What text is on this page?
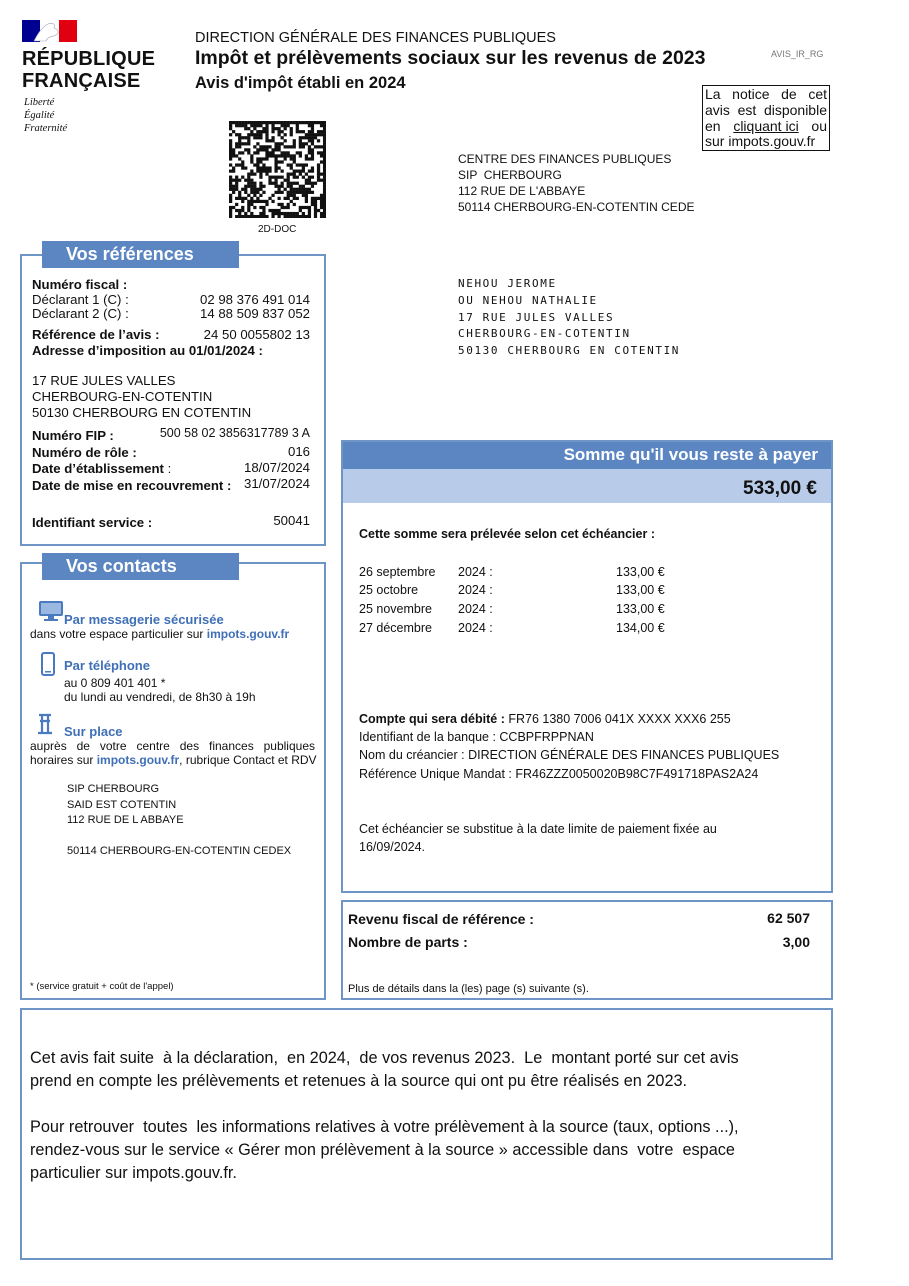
RÉPUBLIQUE
FRANÇAISE
Liberté
Égalité
Fraternité
DIRECTION GÉNÉRALE DES FINANCES PUBLIQUES
Impôt et prélèvements sociaux sur les revenus de 2023
Avis d'impôt établi en 2024
AVIS_IR_RG
La notice de cet
avis est disponible
en cliquant ici ou
sur impots.gouv.fr
2D-DOC
CENTRE DES FINANCES PUBLIQUES
SIP  CHERBOURG
112 RUE DE L'ABBAYE
50114 CHERBOURG-EN-COTENTIN CEDE
NEHOU JEROME
OU NEHOU NATHALIE
17 RUE JULES VALLES
CHERBOURG-EN-COTENTIN
50130 CHERBOURG EN COTENTIN
Vos références
Numéro fiscal :
Déclarant 1 (C) :	02 98 376 491 014
Déclarant 2 (C) :	14 88 509 837 052
Référence de l’avis :	24 50 0055802 13
Adresse d’imposition au 01/01/2024 :
17 RUE JULES VALLES
CHERBOURG-EN-COTENTIN
50130 CHERBOURG EN COTENTIN
Numéro FIP :	500 58 02 3856317789 3 A
Numéro de rôle :	016
Date d’établissement :	18/07/2024
Date de mise en recouvrement : 31/07/2024
Identifiant service :	50041
Vos contacts
Par messagerie sécurisée
dans votre espace particulier sur impots.gouv.fr
Par téléphone
au 0 809 401 401 *
du lundi au vendredi, de 8h30 à 19h
Sur place
auprès de votre centre des finances publiques
horaires sur impots.gouv.fr, rubrique Contact et RDV
SIP CHERBOURG
SAID EST COTENTIN
112 RUE DE L ABBAYE
50114 CHERBOURG-EN-COTENTIN CEDEX
* (service gratuit + coût de l'appel)
Somme qu'il vous reste à payer
533,00 €
Cette somme sera prélevée selon cet échéancier :
26 septembre 2024 :	133,00 €
25 octobre	2024 :	133,00 €
25 novembre 2024 :	133,00 €
27 décembre 2024 :	134,00 €
Compte qui sera débité : FR76 1380 7006 041X XXXX XXX6 255
Identifiant de la banque : CCBPFRPPNAN
Nom du créancier : DIRECTION GÉNÉRALE DES FINANCES PUBLIQUES
Référence Unique Mandat : FR46ZZZ0050020B98C7F491718PAS2A24
Cet échéancier se substitue à la date limite de paiement fixée au
16/09/2024.
Revenu fiscal de référence :	62 507
Nombre de parts :	3,00
Plus de détails dans la (les) page (s) suivante (s).
Cet avis fait suite  à la déclaration,  en 2024,  de vos revenus 2023.  Le  montant porté sur cet avis
prend en compte les prélèvements et retenues à la source qui ont pu être réalisés en 2023.
Pour retrouver  toutes  les informations relatives à votre prélèvement à la source (taux, options ...),
rendez-vous sur le service « Gérer mon prélèvement à la source » accessible dans  votre  espace
particulier sur impots.gouv.fr.
